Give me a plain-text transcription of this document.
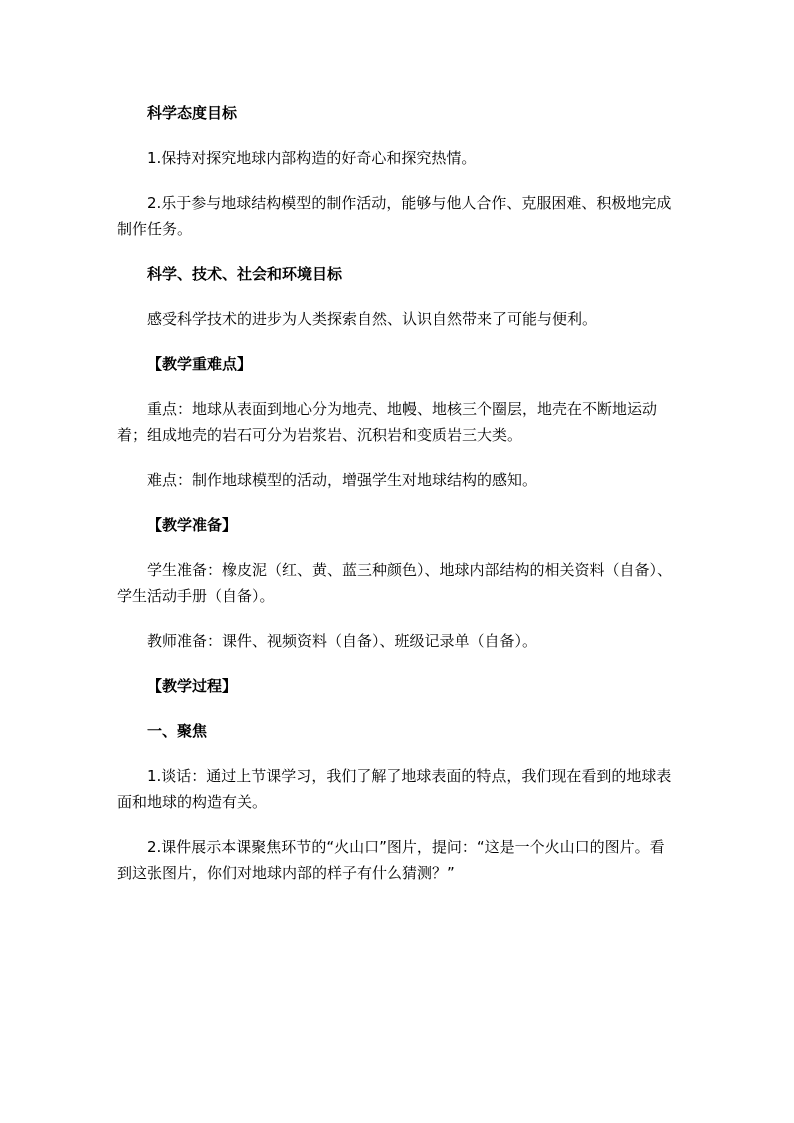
科学态度目标

1.保持对探究地球内部构造的好奇心和探究热情。

2.乐于参与地球结构模型的制作活动，能够与他人合作、克服困难、积极地完成制作任务。

科学、技术、社会和环境目标

感受科学技术的进步为人类探索自然、认识自然带来了可能与便利。

【教学重难点】

重点：地球从表面到地心分为地壳、地幔、地核三个圈层，地壳在不断地运动着；组成地壳的岩石可分为岩浆岩、沉积岩和变质岩三大类。

难点：制作地球模型的活动，增强学生对地球结构的感知。

【教学准备】

学生准备：橡皮泥（红、黄、蓝三种颜色）、地球内部结构的相关资料（自备）、学生活动手册（自备）。

教师准备：课件、视频资料（自备）、班级记录单（自备）。

【教学过程】

一、聚焦

1.谈话：通过上节课学习，我们了解了地球表面的特点，我们现在看到的地球表面和地球的构造有关。

2.课件展示本课聚焦环节的“火山口”图片，提问：“这是一个火山口的图片。看到这张图片，你们对地球内部的样子有什么猜测？”
